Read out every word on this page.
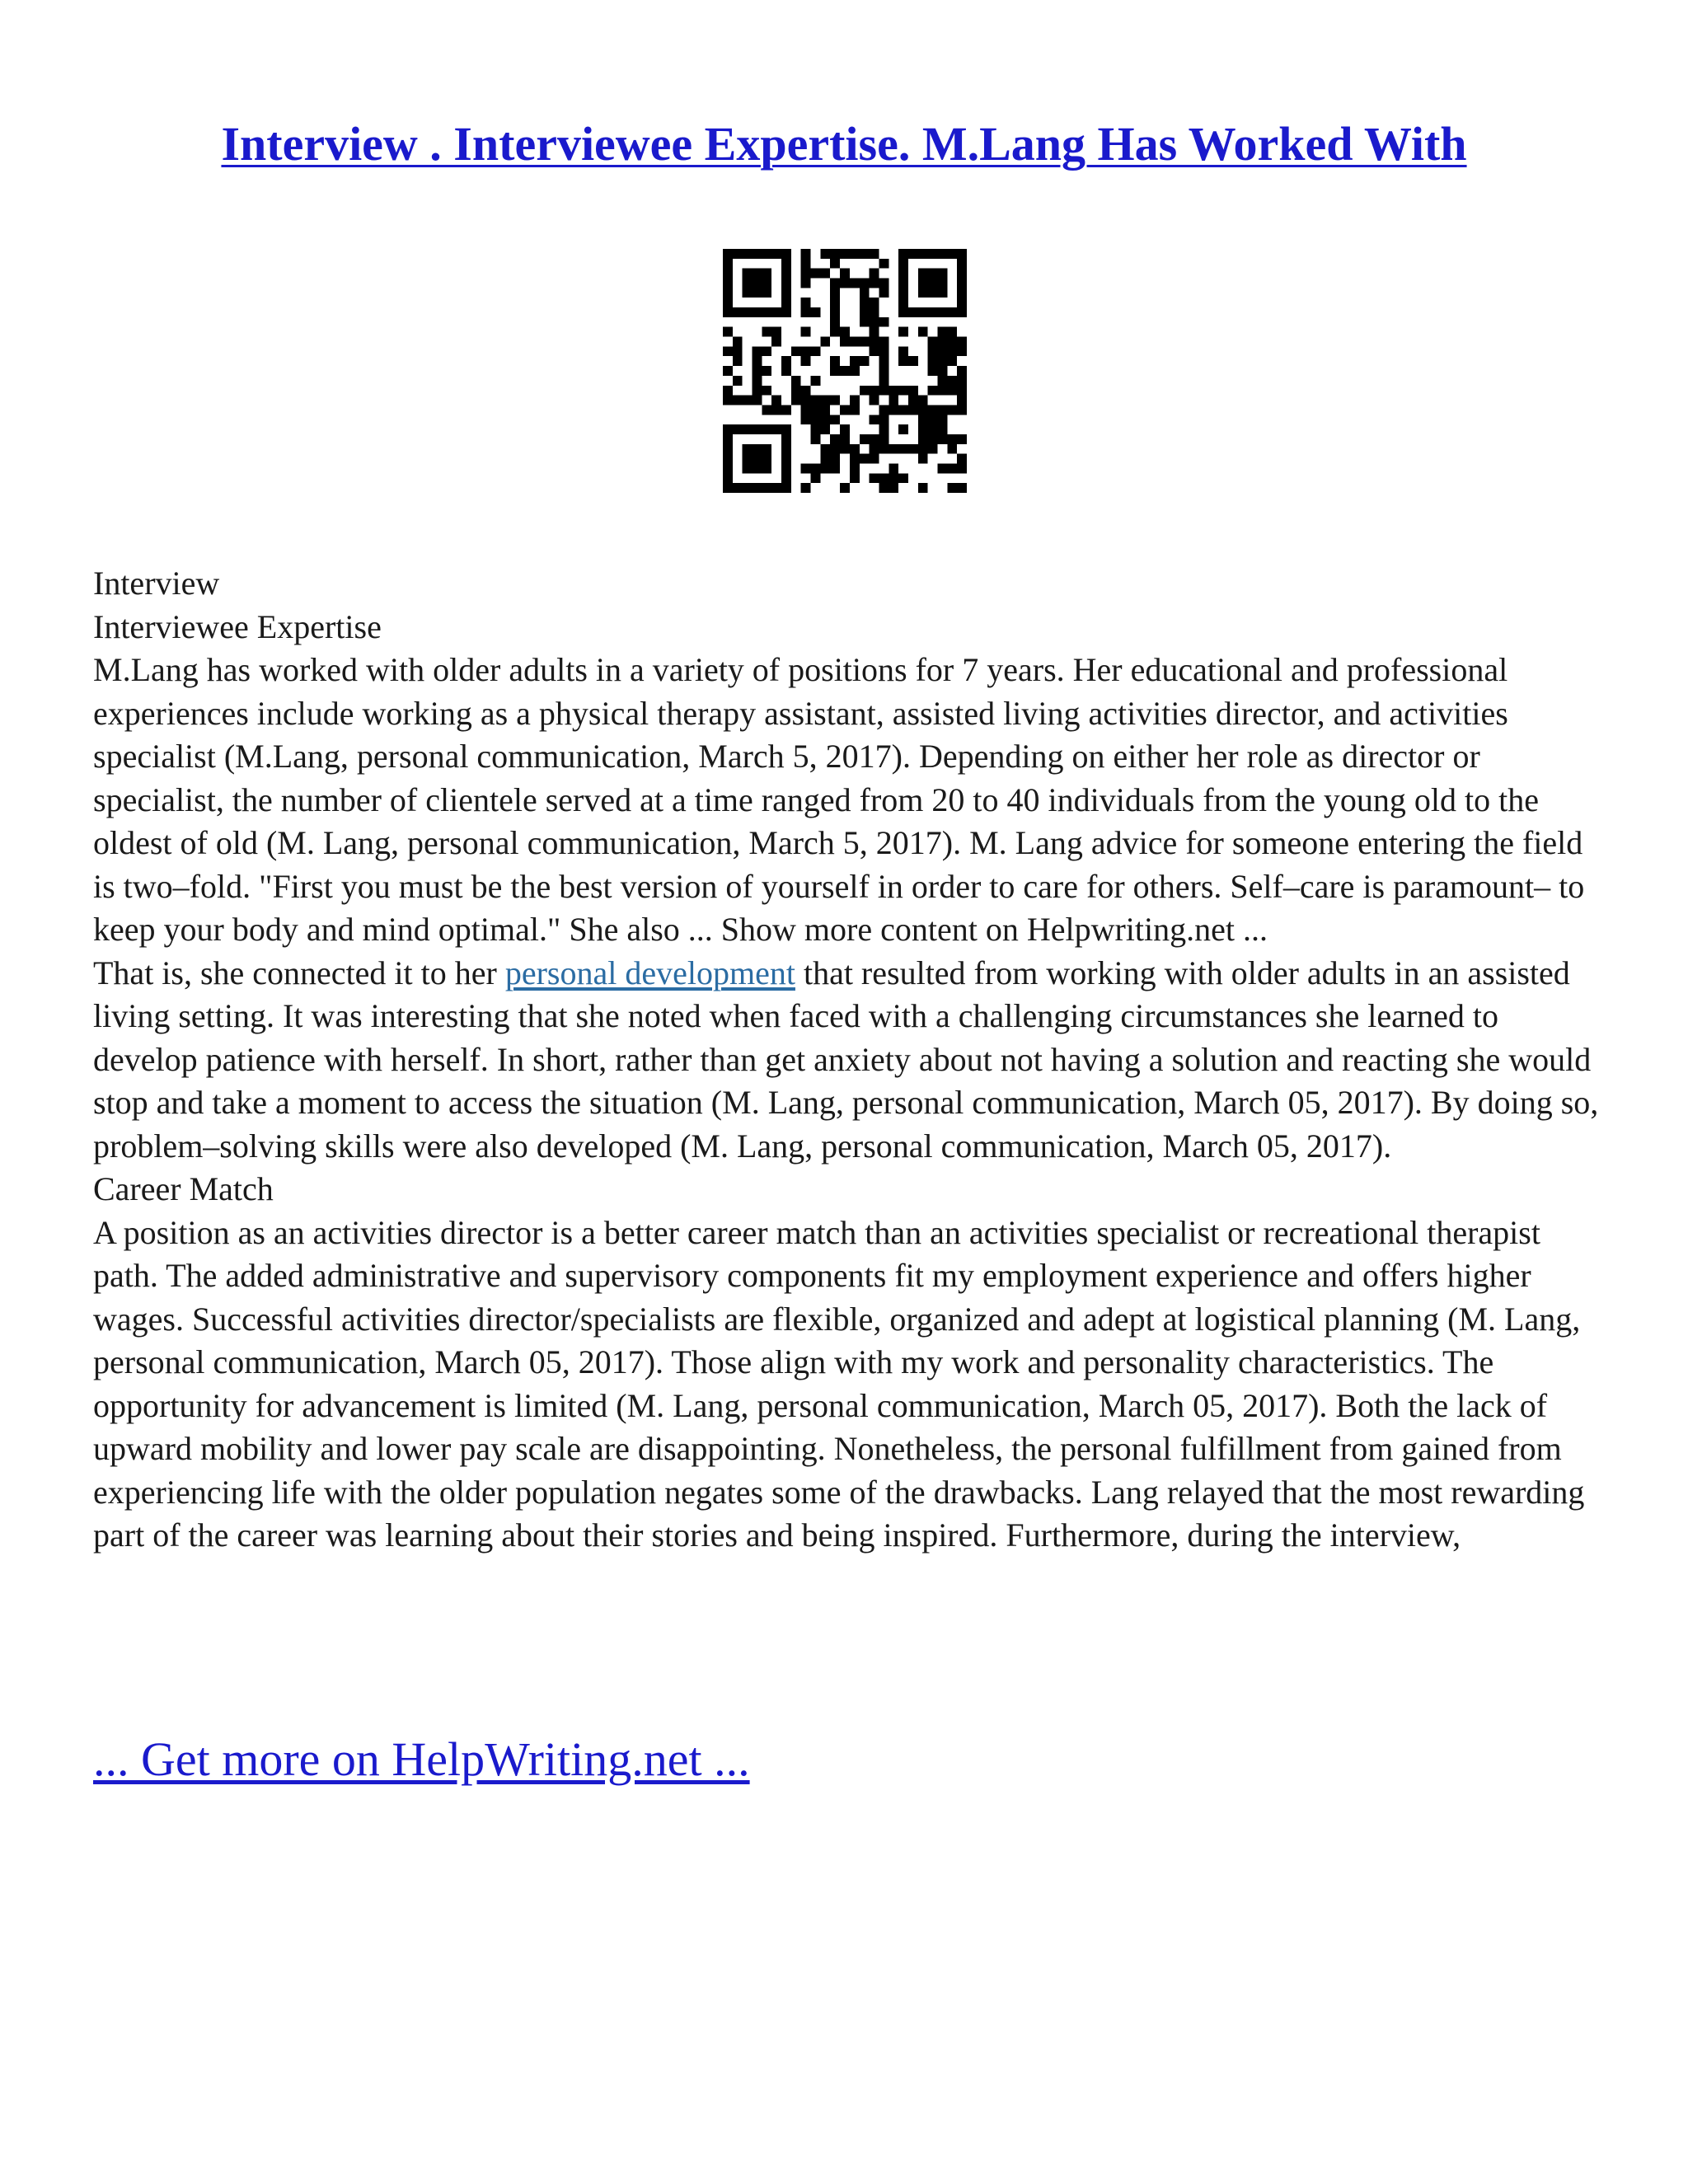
Interview . Interviewee Expertise. M.Lang Has Worked With

Interview

Interviewee Expertise

M.Lang has worked with older adults in a variety of positions for 7 years. Her educational and professional experiences include working as a physical therapy assistant, assisted living activities director, and activities specialist (M.Lang, personal communication, March 5, 2017). Depending on either her role as director or specialist, the number of clientele served at a time ranged from 20 to 40 individuals from the young old to the oldest of old (M. Lang, personal communication, March 5, 2017). M. Lang advice for someone entering the field is two–fold. "First you must be the best version of yourself in order to care for others. Self–care is paramount– to keep your body and mind optimal." She also ... Show more content on Helpwriting.net ...

That is, she connected it to her personal development that resulted from working with older adults in an assisted living setting. It was interesting that she noted when faced with a challenging circumstances she learned to develop patience with herself. In short, rather than get anxiety about not having a solution and reacting she would stop and take a moment to access the situation (M. Lang, personal communication, March 05, 2017). By doing so, problem–solving skills were also developed (M. Lang, personal communication, March 05, 2017).

Career Match

A position as an activities director is a better career match than an activities specialist or recreational therapist path. The added administrative and supervisory components fit my employment experience and offers higher wages. Successful activities director/specialists are flexible, organized and adept at logistical planning (M. Lang, personal communication, March 05, 2017). Those align with my work and personality characteristics. The opportunity for advancement is limited (M. Lang, personal communication, March 05, 2017). Both the lack of upward mobility and lower pay scale are disappointing. Nonetheless, the personal fulfillment from gained from experiencing life with the older population negates some of the drawbacks. Lang relayed that the most rewarding part of the career was learning about their stories and being inspired. Furthermore, during the interview,

... Get more on HelpWriting.net ...
